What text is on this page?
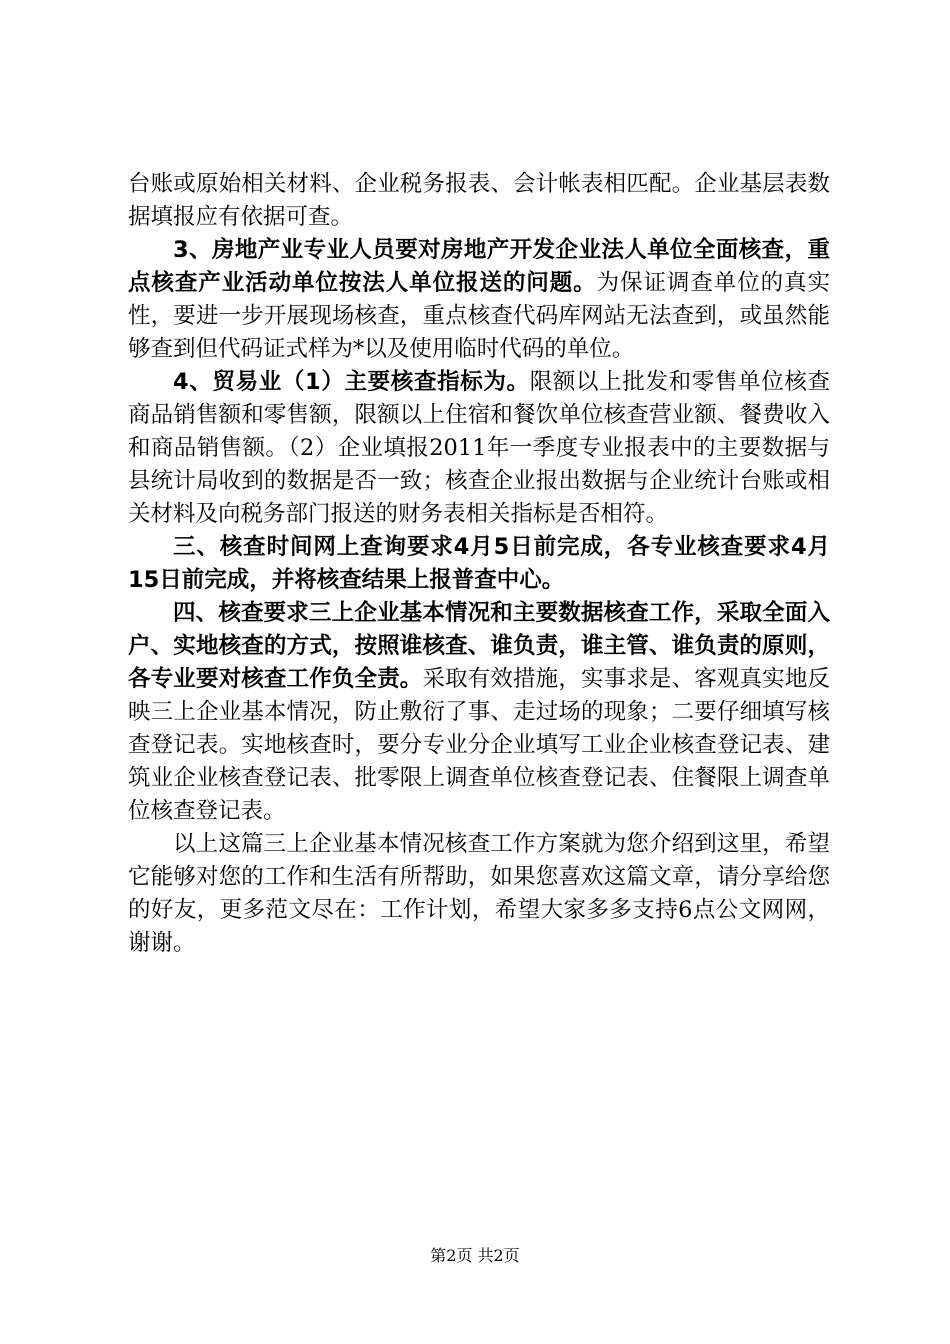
台账或原始相关材料、企业税务报表、会计帐表相匹配。企业基层表数据填报应有依据可查。

3、房地产业专业人员要对房地产开发企业法人单位全面核查，重点核查产业活动单位按法人单位报送的问题。为保证调查单位的真实性，要进一步开展现场核查，重点核查代码库网站无法查到，或虽然能够查到但代码证式样为*以及使用临时代码的单位。

4、贸易业（1）主要核查指标为。限额以上批发和零售单位核查商品销售额和零售额，限额以上住宿和餐饮单位核查营业额、餐费收入和商品销售额。（2）企业填报2011年一季度专业报表中的主要数据与县统计局收到的数据是否一致；核查企业报出数据与企业统计台账或相关材料及向税务部门报送的财务表相关指标是否相符。

三、核查时间网上查询要求4月5日前完成，各专业核查要求4月15日前完成，并将核查结果上报普查中心。

四、核查要求三上企业基本情况和主要数据核查工作，采取全面入户、实地核查的方式，按照谁核查、谁负责，谁主管、谁负责的原则，各专业要对核查工作负全责。采取有效措施，实事求是、客观真实地反映三上企业基本情况，防止敷衍了事、走过场的现象；二要仔细填写核查登记表。实地核查时，要分专业分企业填写工业企业核查登记表、建筑业企业核查登记表、批零限上调查单位核查登记表、住餐限上调查单位核查登记表。

以上这篇三上企业基本情况核查工作方案就为您介绍到这里，希望它能够对您的工作和生活有所帮助，如果您喜欢这篇文章，请分享给您的好友，更多范文尽在：工作计划，希望大家多多支持6点公文网网，谢谢。

第2页 共2页
